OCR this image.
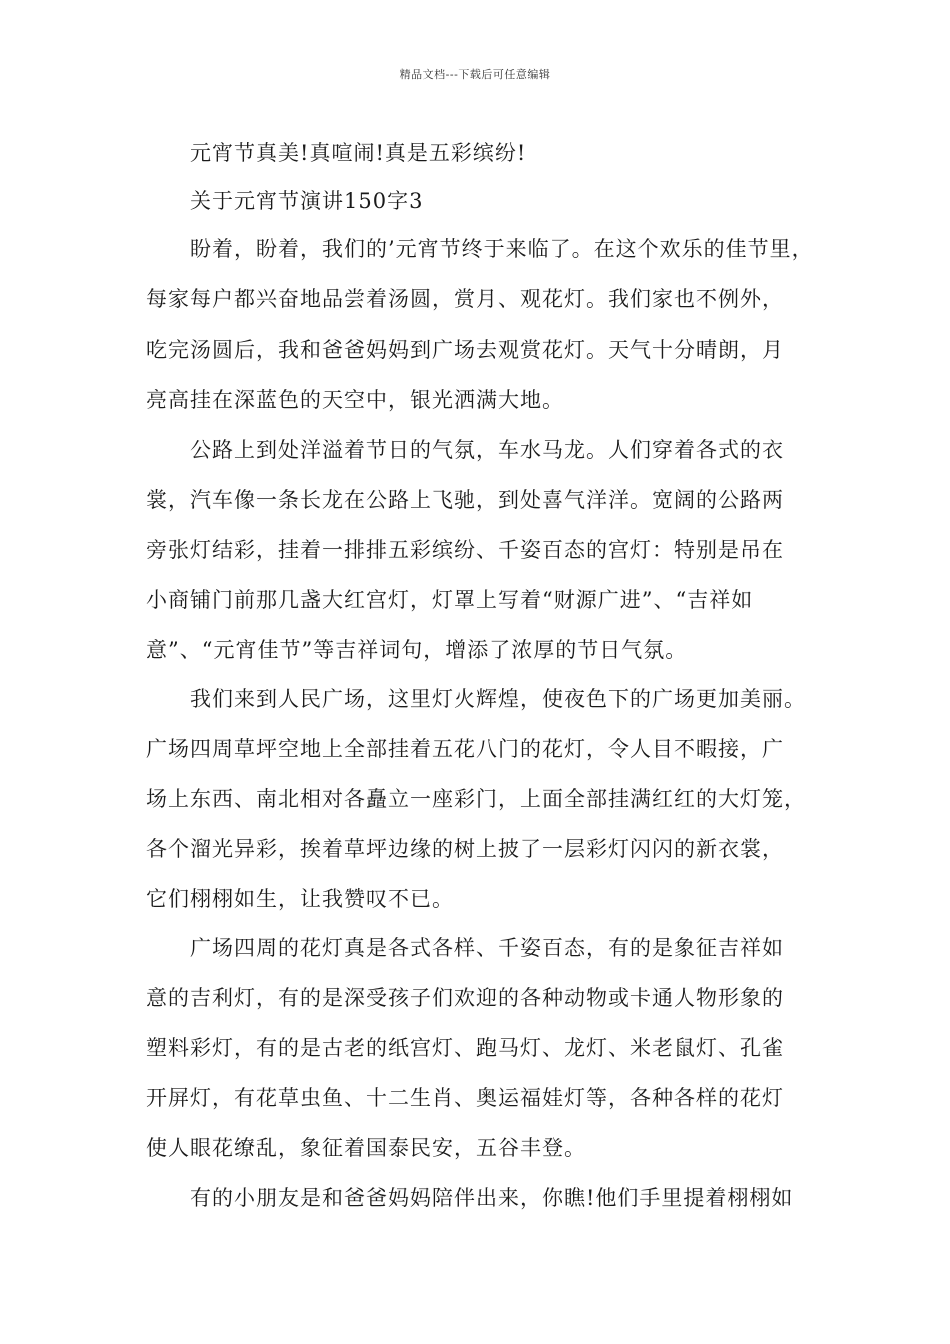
精品文档---下载后可任意编辑
元宵节真美!真喧闹!真是五彩缤纷!
关于元宵节演讲150字3
盼着，盼着，我们的’元宵节终于来临了。在这个欢乐的佳节里，
每家每户都兴奋地品尝着汤圆，赏月、观花灯。我们家也不例外，
吃完汤圆后，我和爸爸妈妈到广场去观赏花灯。天气十分晴朗，月
亮高挂在深蓝色的天空中，银光洒满大地。
公路上到处洋溢着节日的气氛，车水马龙。人们穿着各式的衣
裳，汽车像一条长龙在公路上飞驰，到处喜气洋洋。宽阔的公路两
旁张灯结彩，挂着一排排五彩缤纷、千姿百态的宫灯：特别是吊在
小商铺门前那几盏大红宫灯，灯罩上写着“财源广进”、“吉祥如
意”、“元宵佳节”等吉祥词句，增添了浓厚的节日气氛。
我们来到人民广场，这里灯火辉煌，使夜色下的广场更加美丽。
广场四周草坪空地上全部挂着五花八门的花灯，令人目不暇接，广
场上东西、南北相对各矗立一座彩门，上面全部挂满红红的大灯笼，
各个溜光异彩，挨着草坪边缘的树上披了一层彩灯闪闪的新衣裳，
它们栩栩如生，让我赞叹不已。
广场四周的花灯真是各式各样、千姿百态，有的是象征吉祥如
意的吉利灯，有的是深受孩子们欢迎的各种动物或卡通人物形象的
塑料彩灯，有的是古老的纸宫灯、跑马灯、龙灯、米老鼠灯、孔雀
开屏灯，有花草虫鱼、十二生肖、奥运福娃灯等，各种各样的花灯
使人眼花缭乱，象征着国泰民安，五谷丰登。
有的小朋友是和爸爸妈妈陪伴出来，你瞧!他们手里提着栩栩如
